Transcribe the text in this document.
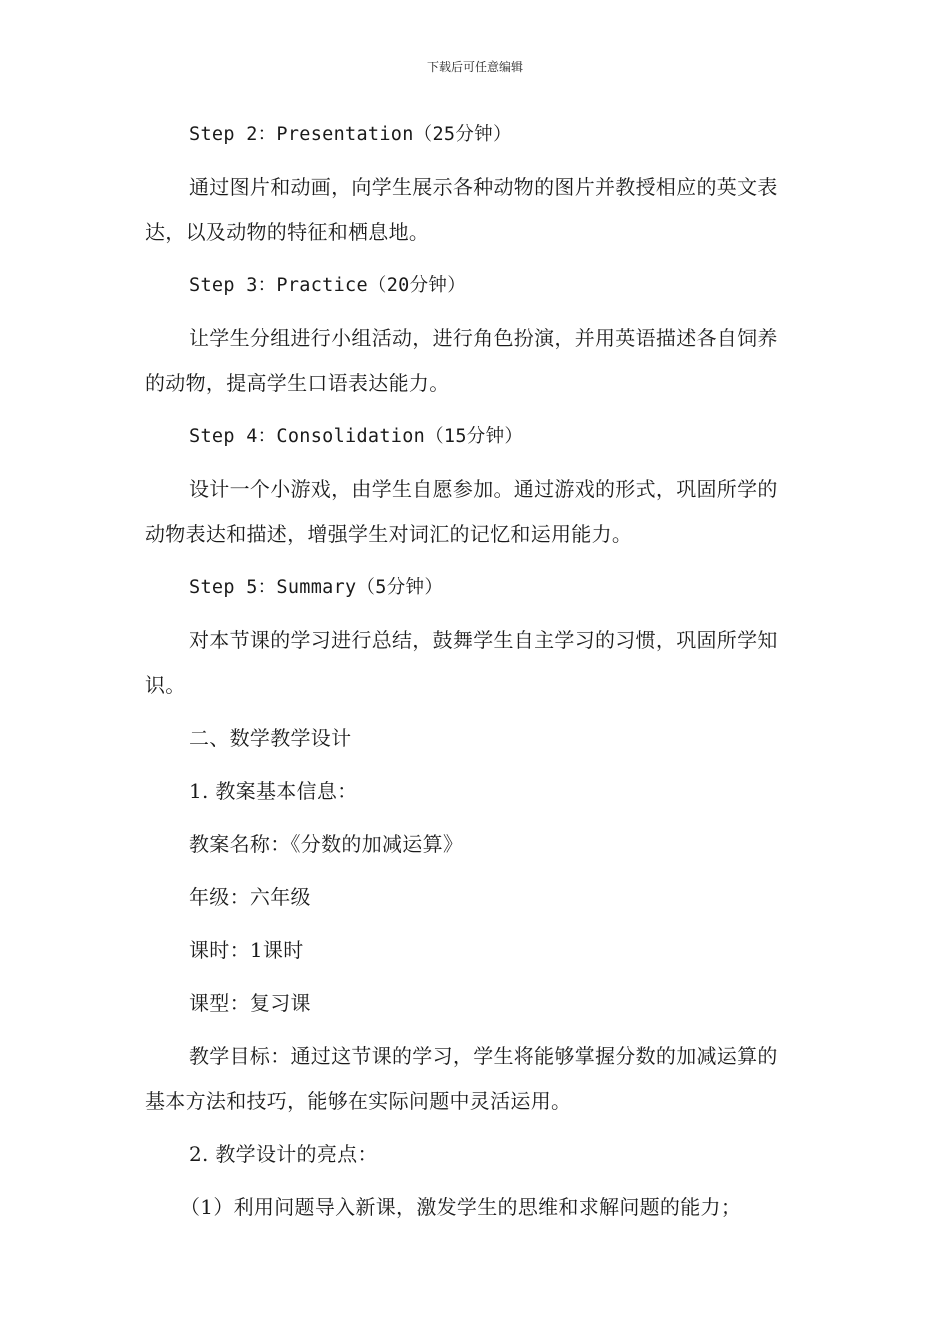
下载后可任意编辑

Step 2：Presentation（25分钟）

通过图片和动画，向学生展示各种动物的图片并教授相应的英文表达，以及动物的特征和栖息地。

Step 3：Practice（20分钟）

让学生分组进行小组活动，进行角色扮演，并用英语描述各自饲养的动物，提高学生口语表达能力。

Step 4：Consolidation（15分钟）

设计一个小游戏，由学生自愿参加。通过游戏的形式，巩固所学的动物表达和描述，增强学生对词汇的记忆和运用能力。

Step 5：Summary（5分钟）

对本节课的学习进行总结，鼓舞学生自主学习的习惯，巩固所学知识。

二、数学教学设计

1. 教案基本信息：

教案名称：《分数的加减运算》

年级：六年级

课时：1课时

课型：复习课

教学目标：通过这节课的学习，学生将能够掌握分数的加减运算的基本方法和技巧，能够在实际问题中灵活运用。

2. 教学设计的亮点：

（1）利用问题导入新课，激发学生的思维和求解问题的能力；
